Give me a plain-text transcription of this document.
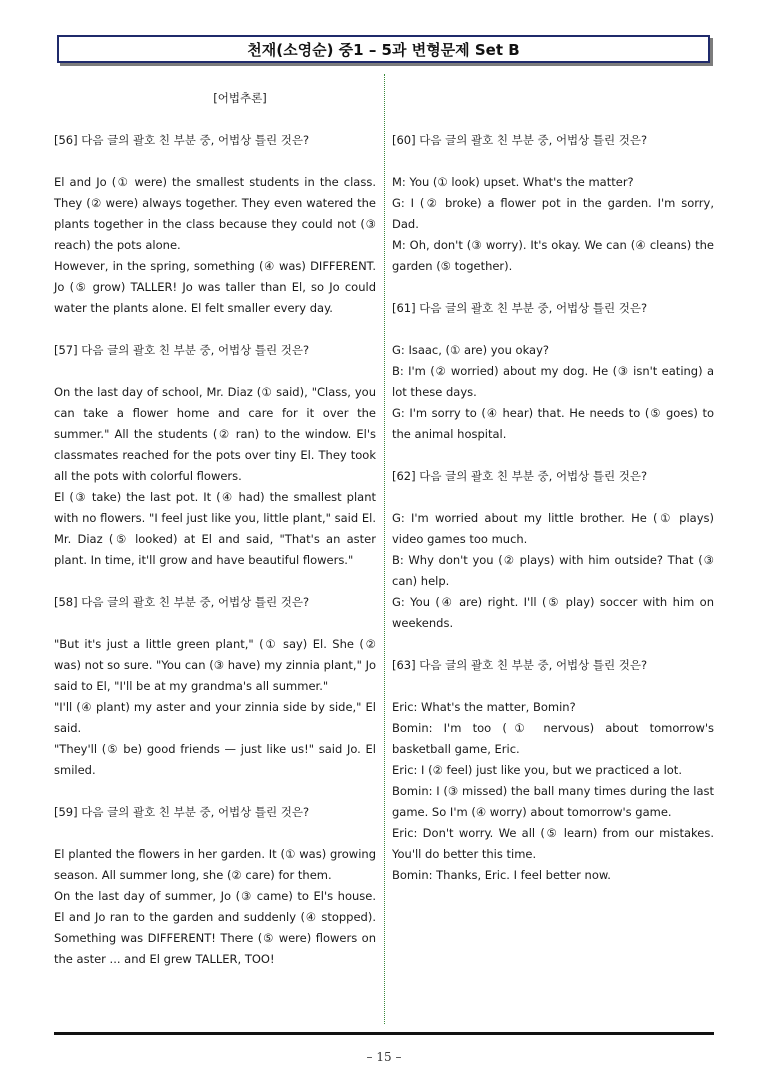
천재(소영순) 중1 – 5과 변형문제 Set B
[어법추론]
[56] 다음 글의 괄호 친 부분 중, 어법상 틀린 것은?

El and Jo (① were) the smallest students in the class. They (② were) always together. They even watered the plants together in the class because they could not (③ reach) the pots alone.

However, in the spring, something (④ was) DIFFERENT. Jo (⑤ grow) TALLER! Jo was taller than El, so Jo could water the plants alone. El felt smaller every day.

[57] 다음 글의 괄호 친 부분 중, 어법상 틀린 것은?

On the last day of school, Mr. Diaz (① said), "Class, you can take a flower home and care for it over the summer." All the students (② ran) to the window. El's classmates reached for the pots over tiny El. They took all the pots with colorful flowers.

El (③ take) the last pot. It (④ had) the smallest plant with no flowers. "I feel just like you, little plant," said El. Mr. Diaz (⑤ looked) at El and said, "That's an aster plant. In time, it'll grow and have beautiful flowers."

[58] 다음 글의 괄호 친 부분 중, 어법상 틀린 것은?

"But it's just a little green plant," (① say) El. She (② was) not so sure. "You can (③ have) my zinnia plant," Jo said to El, "I'll be at my grandma's all summer."

"I'll (④ plant) my aster and your zinnia side by side," El said.

"They'll (⑤ be) good friends — just like us!" said Jo. El smiled.

[59] 다음 글의 괄호 친 부분 중, 어법상 틀린 것은?

El planted the flowers in her garden. It (① was) growing season. All summer long, she (② care) for them.

On the last day of summer, Jo (③ came) to El's house. El and Jo ran to the garden and suddenly (④ stopped). Something was DIFFERENT! There (⑤ were) flowers on the aster ... and El grew TALLER, TOO!

[60] 다음 글의 괄호 친 부분 중, 어법상 틀린 것은?

M: You (① look) upset. What's the matter?

G: I (② broke) a flower pot in the garden. I'm sorry, Dad.

M: Oh, don't (③ worry). It's okay. We can (④ cleans) the garden (⑤ together).

[61] 다음 글의 괄호 친 부분 중, 어법상 틀린 것은?

G: Isaac, (① are) you okay?

B: I'm (② worried) about my dog. He (③ isn't eating) a lot these days.

G: I'm sorry to (④ hear) that. He needs to (⑤ goes) to the animal hospital.

[62] 다음 글의 괄호 친 부분 중, 어법상 틀린 것은?

G: I'm worried about my little brother. He (① plays) video games too much.

B: Why don't you (② plays) with him outside? That (③ can) help.

G: You (④ are) right. I'll (⑤ play) soccer with him on weekends.

[63] 다음 글의 괄호 친 부분 중, 어법상 틀린 것은?

Eric: What's the matter, Bomin?

Bomin: I'm too (① nervous) about tomorrow's basketball game, Eric.

Eric: I (② feel) just like you, but we practiced a lot.

Bomin: I (③ missed) the ball many times during the last game. So I'm (④ worry) about tomorrow's game.

Eric: Don't worry. We all (⑤ learn) from our mistakes. You'll do better this time.

Bomin: Thanks, Eric. I feel better now.

– 15 –
